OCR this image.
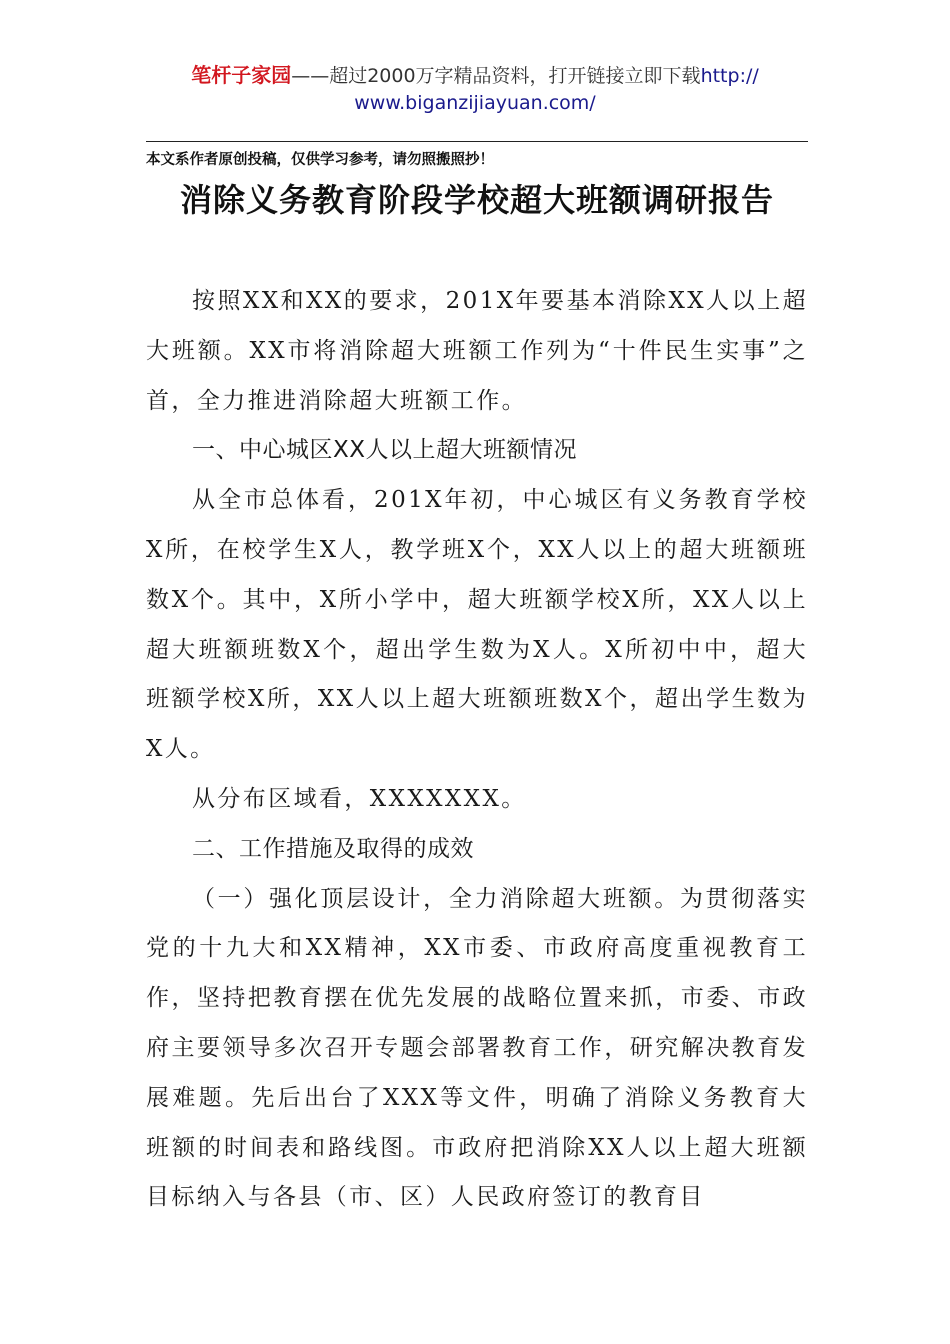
笔杆子家园——超过2000万字精品资料，打开链接立即下载http://
www.biganzijiayuan.com/
本文系作者原创投稿，仅供学习参考，请勿照搬照抄！
消除义务教育阶段学校超大班额调研报告

按照XX和XX的要求，201X年要基本消除XX人以上超大班额。XX市将消除超大班额工作列为“十件民生实事”之首，全力推进消除超大班额工作。

一、中心城区XX人以上超大班额情况

从全市总体看，201X年初，中心城区有义务教育学校X所，在校学生X人，教学班X个，XX人以上的超大班额班数X个。其中，X所小学中，超大班额学校X所，XX人以上超大班额班数X个，超出学生数为X人。X所初中中，超大班额学校X所，XX人以上超大班额班数X个，超出学生数为X人。

从分布区域看，XXXXXXX。

二、工作措施及取得的成效

（一）强化顶层设计，全力消除超大班额。为贯彻落实党的十九大和XX精神，XX市委、市政府高度重视教育工作，坚持把教育摆在优先发展的战略位置来抓，市委、市政府主要领导多次召开专题会部署教育工作，研究解决教育发展难题。先后出台了XXX等文件，明确了消除义务教育大班额的时间表和路线图。市政府把消除XX人以上超大班额目标纳入与各县（市、区）人民政府签订的教育目
